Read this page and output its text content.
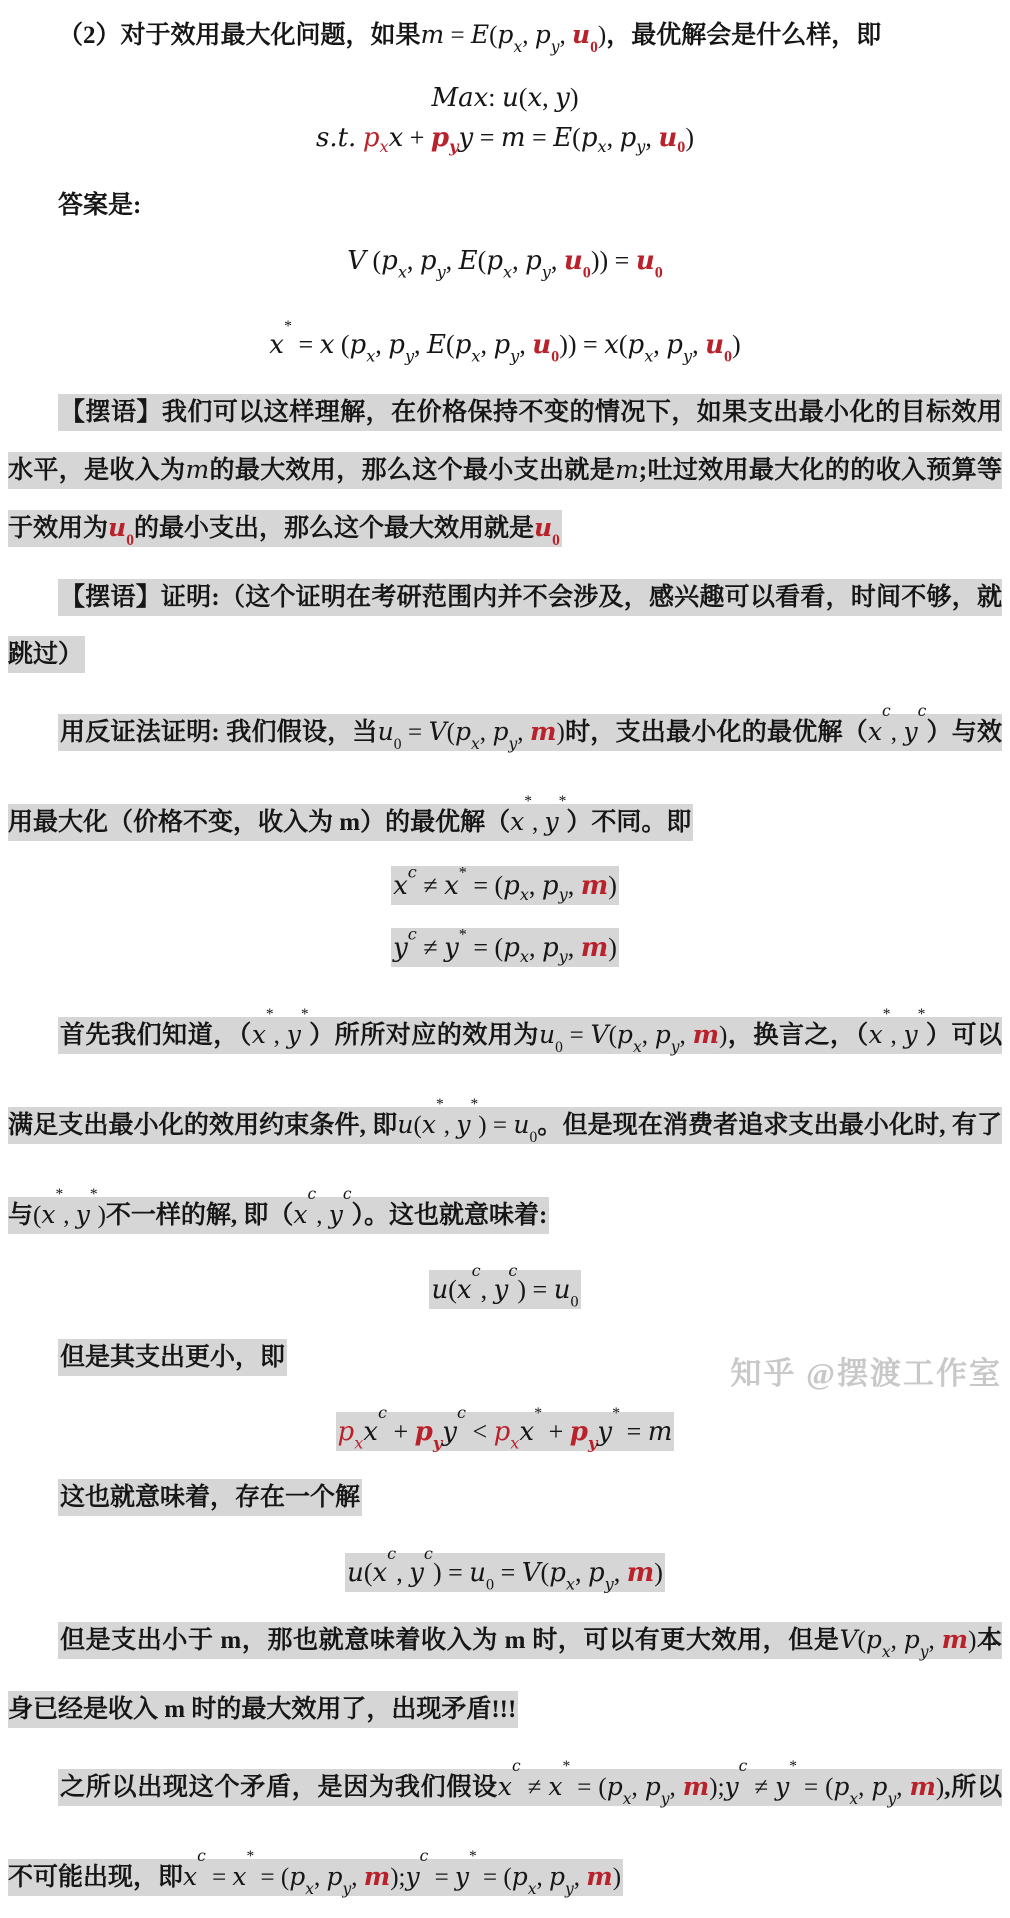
（2）对于效用最大化问题，如果$m = E(p_x$, $p_y$, $u_0$)，最优解会是什么样，即
Max: u(x, y)
s.t. $p_xx + p_yy = m = E(p_x$, $p_y$, $u_0$)
答案是:
V ($p_x$, $p_y$, $E(p_x$, $p_y$, $u_0)) = u_0$
x* = x ($p_x$, $p_y$, $E(p_x$, $p_y$, $u_0)) = x(p_x$, $p_y$, $u_0$)
【摆语】我们可以这样理解，在价格保持不变的情况下，如果支出最小化的目标效用水平，是收入为m的最大效用，那么这个最小支出就是m;吐过效用最大化的的收入预算等于效用为$u_0$的最小支出，那么这个最大效用就是$u_0$
【摆语】证明:（这个证明在考研范围内并不会涉及，感兴趣可以看看，时间不够，就跳过）
用反证法证明: 我们假设，当$u_0 = V(p_x$, $p_y$, m)时，支出最小化的最优解（$x^c$, $y^c$）与效用最大化（价格不变，收入为 m）的最优解（x*, y*）不同。即
$x^c \ne x^* = (p_x$, $p_y$, m)
$y^c \ne y^* = (p_x$, $p_y$, m)
首先我们知道，（x*, y*）所所对应的效用为$u_0 = V(p_x$, $p_y$, m)，换言之，（x*, y*）可以满足支出最小化的效用约束条件, 即u(x*, $y^*) = u_0$。但是现在消费者追求支出最小化时, 有了与(x*, y*)不一样的解, 即（$x^c$, $y^c$）。这也就意味着:
$u(x^c$, $y^c) = u_0$
但是其支出更小，即
$p_xx^c + p_yy^c < p_xx^* + p_yy^* = m$
这也就意味着，存在一个解
$u(x^c$, $y^c) = u_0 = V(p_x$, $p_y$, m)
但是支出小于 m，那也就意味着收入为 m 时，可以有更大效用，但是$V(p_x$, $p_y$, m)本身已经是收入 m 时的最大效用了，出现矛盾!!!
之所以出现这个矛盾，是因为我们假设$x^c \ne x^* = (p_x$, $p_y$, $m);y^c \ne y^* = (p_x$, $p_y$, m),所以不可能出现，即$x^c = x^* = (p_x$, $p_y$, $m);y^c = y^* = (p_x$, $p_y$, m)
知乎 @摆渡工作室
